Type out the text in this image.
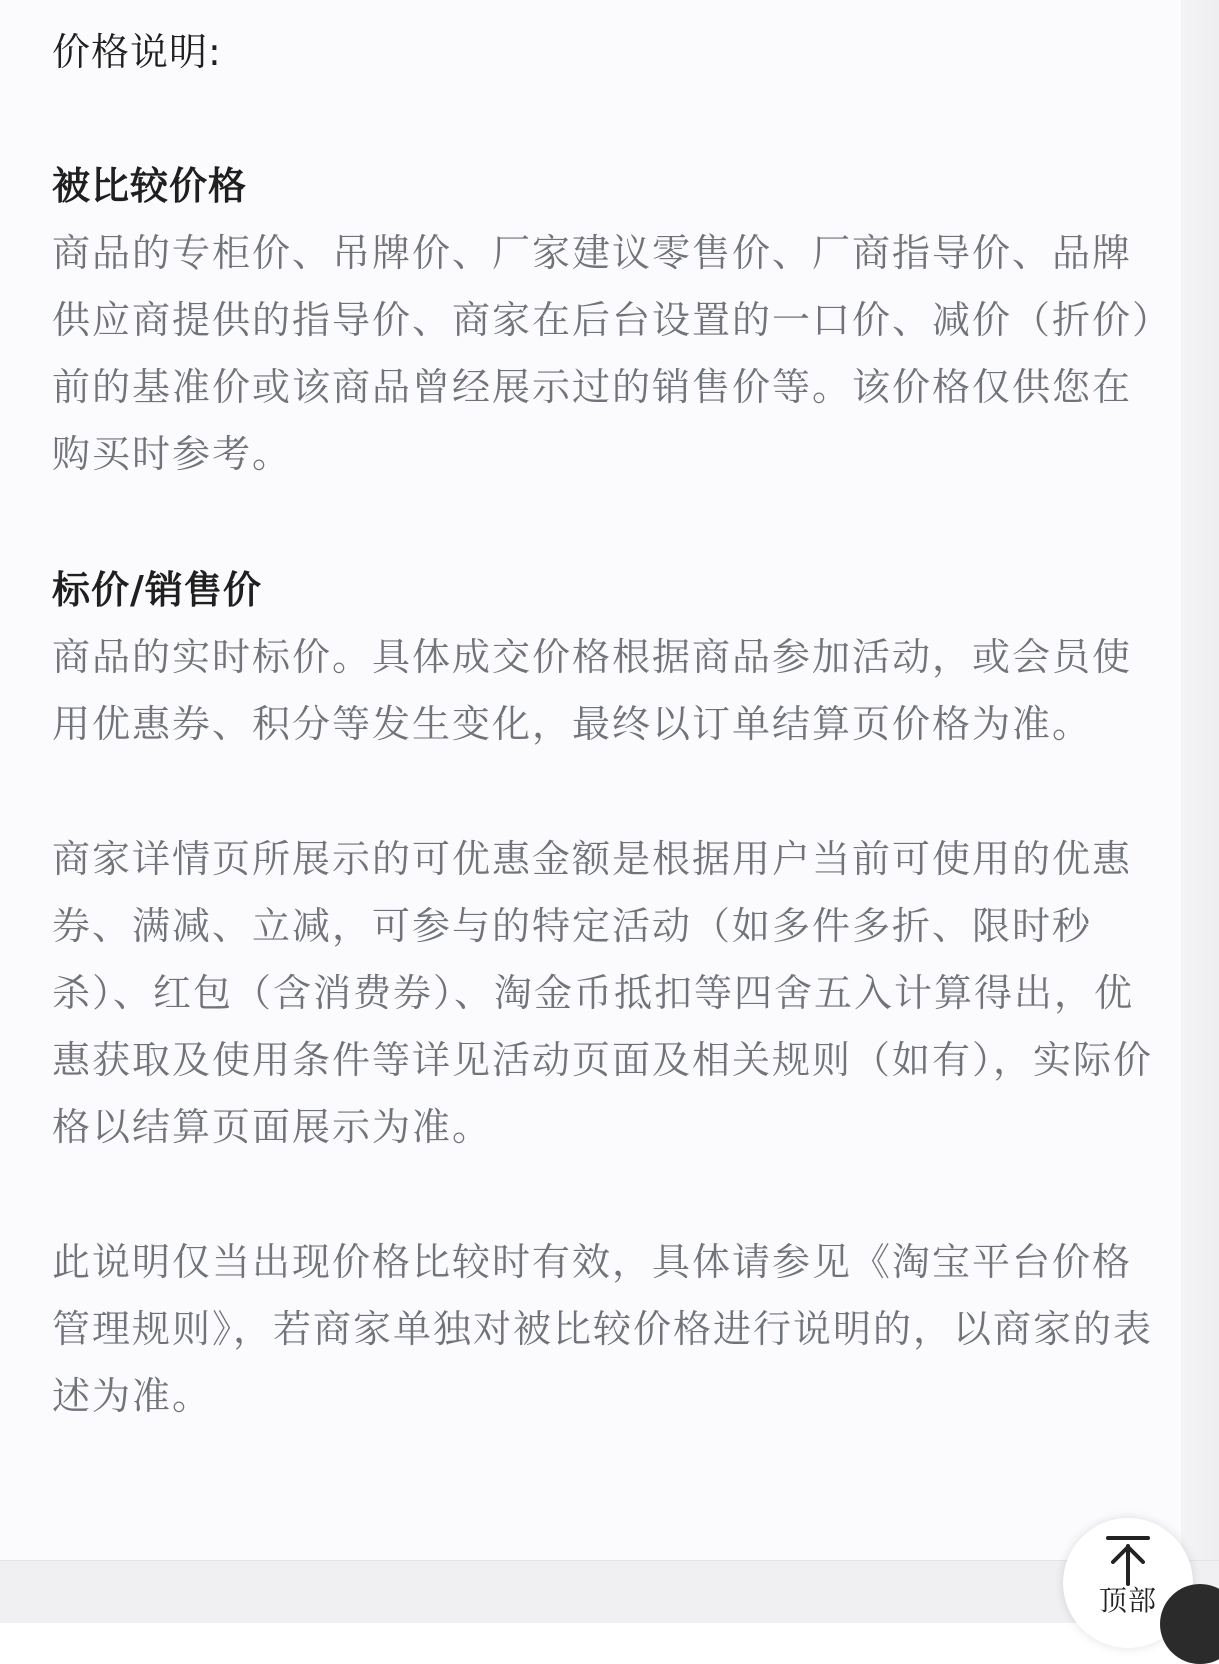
价格说明:
被比较价格

商品的专柜价、吊牌价、厂家建议零售价、厂商指导价、品牌供应商提供的指导价、商家在后台设置的一口价、减价（折价）前的基准价或该商品曾经展示过的销售价等。该价格仅供您在购买时参考。

标价/销售价

商品的实时标价。具体成交价格根据商品参加活动，或会员使用优惠券、积分等发生变化，最终以订单结算页价格为准。

商家详情页所展示的可优惠金额是根据用户当前可使用的优惠券、满减、立减，可参与的特定活动（如多件多折、限时秒杀）、红包（含消费券）、淘金币抵扣等四舍五入计算得出，优惠获取及使用条件等详见活动页面及相关规则（如有），实际价格以结算页面展示为准。

此说明仅当出现价格比较时有效，具体请参见《淘宝平台价格管理规则》，若商家单独对被比较价格进行说明的，以商家的表述为准。

顶部
